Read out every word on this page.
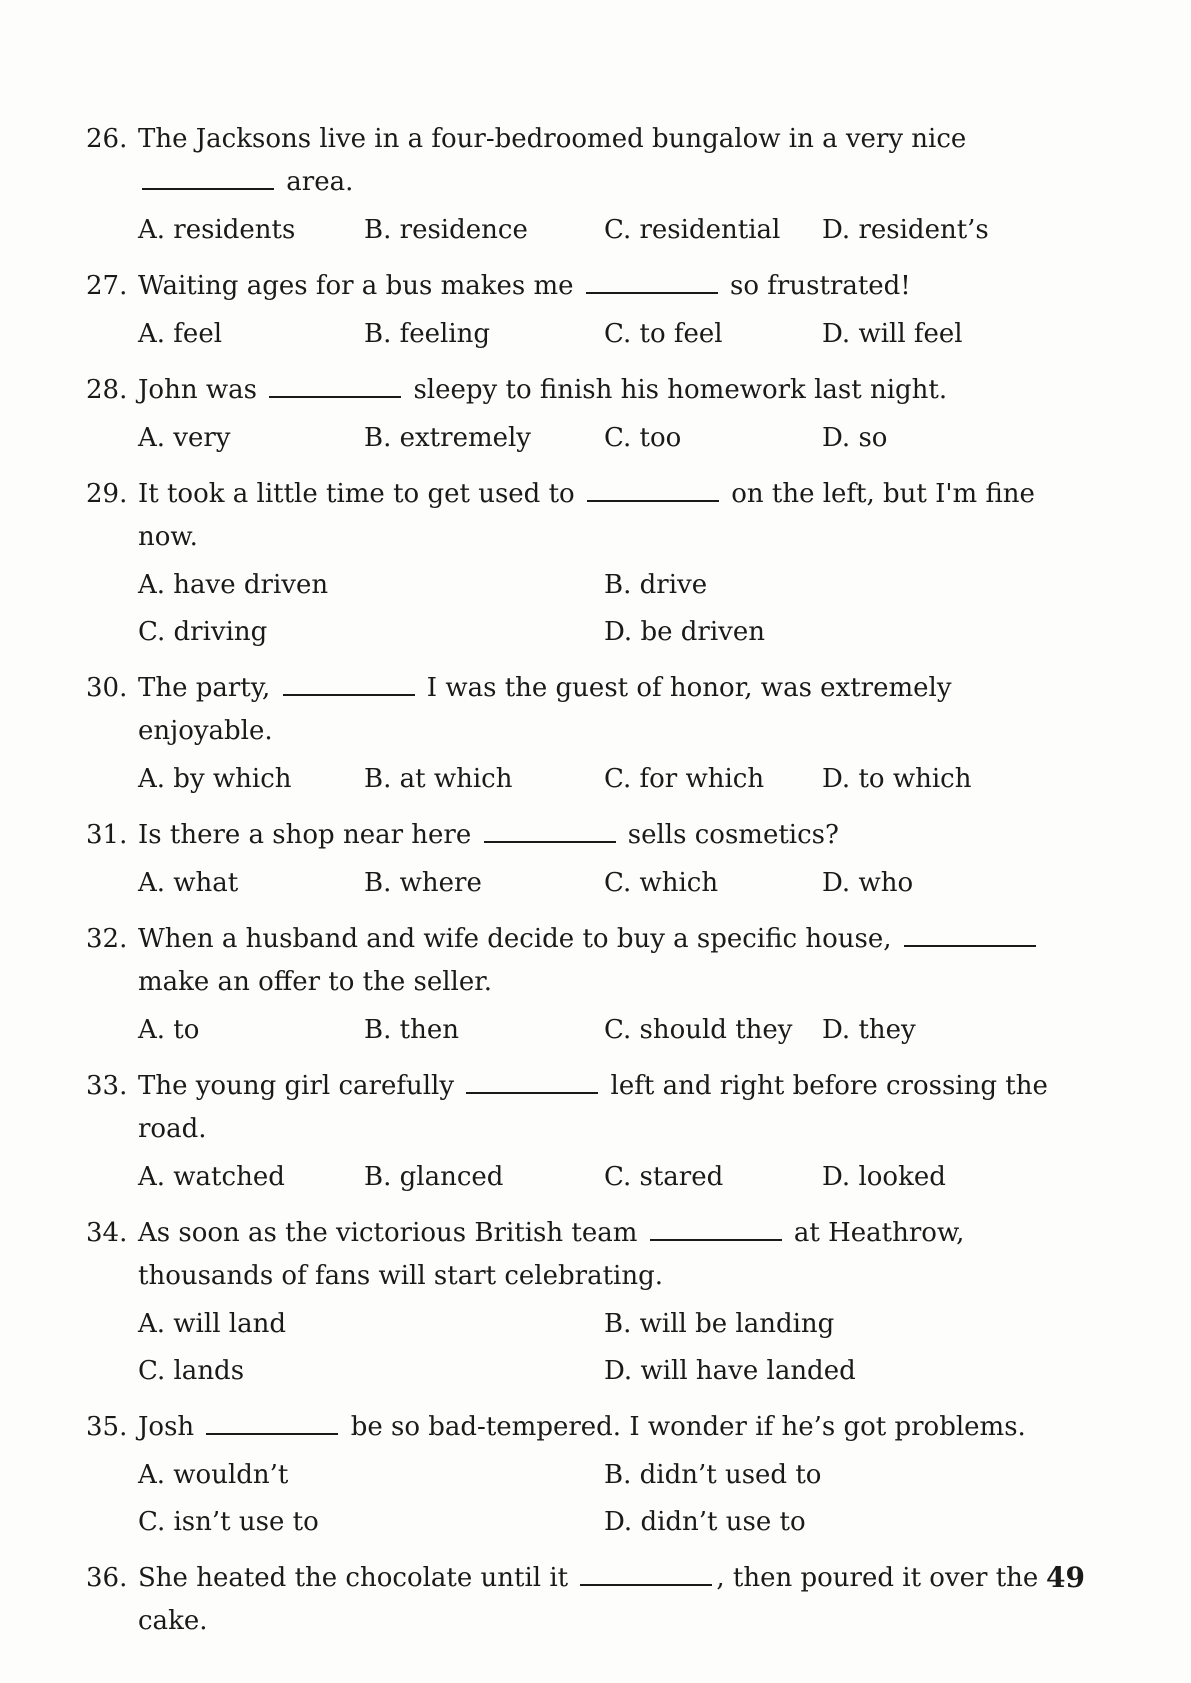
26. The Jacksons live in a four-bedroomed bungalow in a very nice  area.
A. residents	B. residence	C. residential	D. resident’s
27. Waiting ages for a bus makes me	so frustrated!
A. feel	B. feeling	C. to feel	D. will feel
28. John was	sleepy to finish his homework last night.
A. very	B. extremely	C. too	D. so
29. It took a little time to get used to	on the left, but I'm fine now.
A. have driven	B. drive
C. driving	D. be driven
30. The party,	I was the guest of honor, was extremely enjoyable.
A. by which	B. at which	C. for which	D. to which
31. Is there a shop near here	sells cosmetics?
A. what	B. where	C. which	D. who
32. When a husband and wife decide to buy a specific house,  make an offer to the seller.
A. to	B. then	C. should they	D. they
33. The young girl carefully	left and right before crossing the road.
A. watched	B. glanced	C. stared	D. looked
34. As soon as the victorious British team	at Heathrow, thousands of fans will start celebrating.
A. will land	B. will be landing
C. lands	D. will have landed
35. Josh	be so bad-tempered. I wonder if he’s got problems.
A. wouldn’t	B. didn’t used to
C. isn’t use to	D. didn’t use to
36. She heated the chocolate until it	, then poured it over the cake.
49
